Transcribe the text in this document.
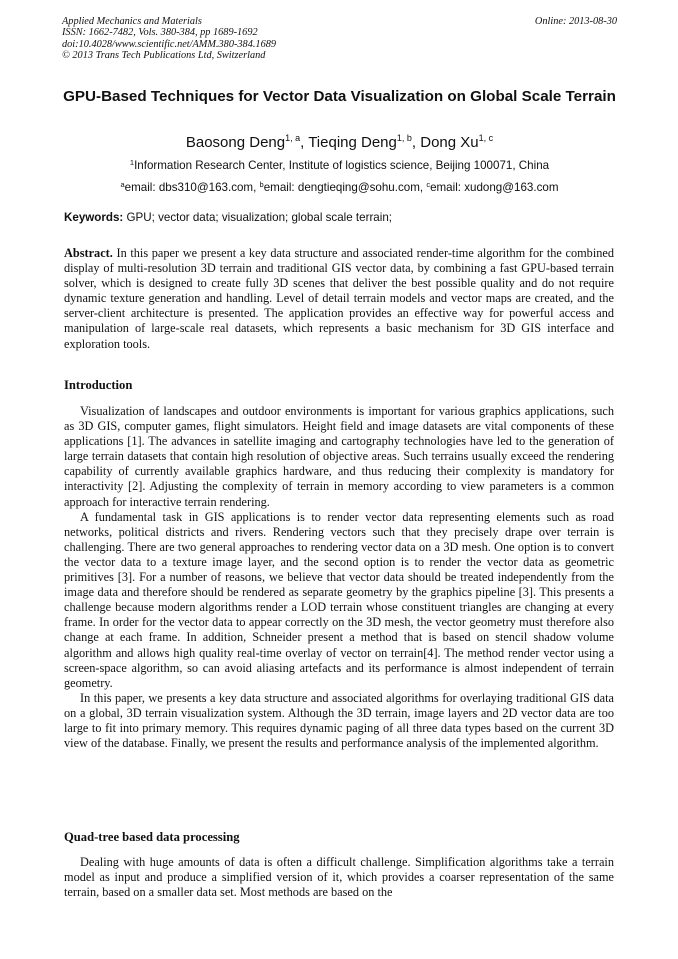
Applied Mechanics and Materials
ISSN: 1662-7482, Vols. 380-384, pp 1689-1692
doi:10.4028/www.scientific.net/AMM.380-384.1689
© 2013 Trans Tech Publications Ltd, Switzerland
Online: 2013-08-30
GPU-Based Techniques for Vector Data Visualization on Global Scale Terrain
Baosong Deng$^{1, a}$, Tieqing Deng$^{1, b}$, Dong Xu$^{1, c}$
$^1$Information Research Center, Institute of logistics science, Beijing 100071, China
$^a$email: dbs310@163.com, $^b$email: dengtieqing@sohu.com, $^c$email: xudong@163.com
Keywords: GPU; vector data; visualization; global scale terrain;

Abstract. In this paper we present a key data structure and associated render-time algorithm for the combined display of multi-resolution 3D terrain and traditional GIS vector data, by combining a fast GPU-based terrain solver, which is designed to create fully 3D scenes that deliver the best possible quality and do not require dynamic texture generation and handling. Level of detail terrain models and vector maps are created, and the server-client architecture is presented. The application provides an effective way for powerful access and manipulation of large-scale real datasets, which represents a basic mechanism for 3D GIS interface and exploration tools.

Introduction

Visualization of landscapes and outdoor environments is important for various graphics applications, such as 3D GIS, computer games, flight simulators. Height field and image datasets are vital components of these applications [1]. The advances in satellite imaging and cartography technologies have led to the generation of large terrain datasets that contain high resolution of objective areas. Such terrains usually exceed the rendering capability of currently available graphics hardware, and thus reducing their complexity is mandatory for interactivity [2]. Adjusting the complexity of terrain in memory according to view parameters is a common approach for interactive terrain rendering.

A fundamental task in GIS applications is to render vector data representing elements such as road networks, political districts and rivers. Rendering vectors such that they precisely drape over terrain is challenging. There are two general approaches to rendering vector data on a 3D mesh. One option is to convert the vector data to a texture image layer, and the second option is to render the vector data as geometric primitives [3]. For a number of reasons, we believe that vector data should be treated independently from the image data and therefore should be rendered as separate geometry by the graphics pipeline [3]. This presents a challenge because modern algorithms render a LOD terrain whose constituent triangles are changing at every frame. In order for the vector data to appear correctly on the 3D mesh, the vector geometry must therefore also change at each frame. In addition, Schneider present a method that is based on stencil shadow volume algorithm and allows high quality real-time overlay of vector on terrain[4]. The method render vector using a screen-space algorithm, so can avoid aliasing artefacts and its performance is almost independent of terrain geometry.

In this paper, we presents a key data structure and associated algorithms for overlaying traditional GIS data on a global, 3D terrain visualization system. Although the 3D terrain, image layers and 2D vector data are too large to fit into primary memory. This requires dynamic paging of all three data types based on the current 3D view of the database. Finally, we present the results and performance analysis of the implemented algorithm.

Quad-tree based data processing

Dealing with huge amounts of data is often a difficult challenge. Simplification algorithms take a terrain model as input and produce a simplified version of it, which provides a coarser representation of the same terrain, based on a smaller data set. Most methods are based on the
